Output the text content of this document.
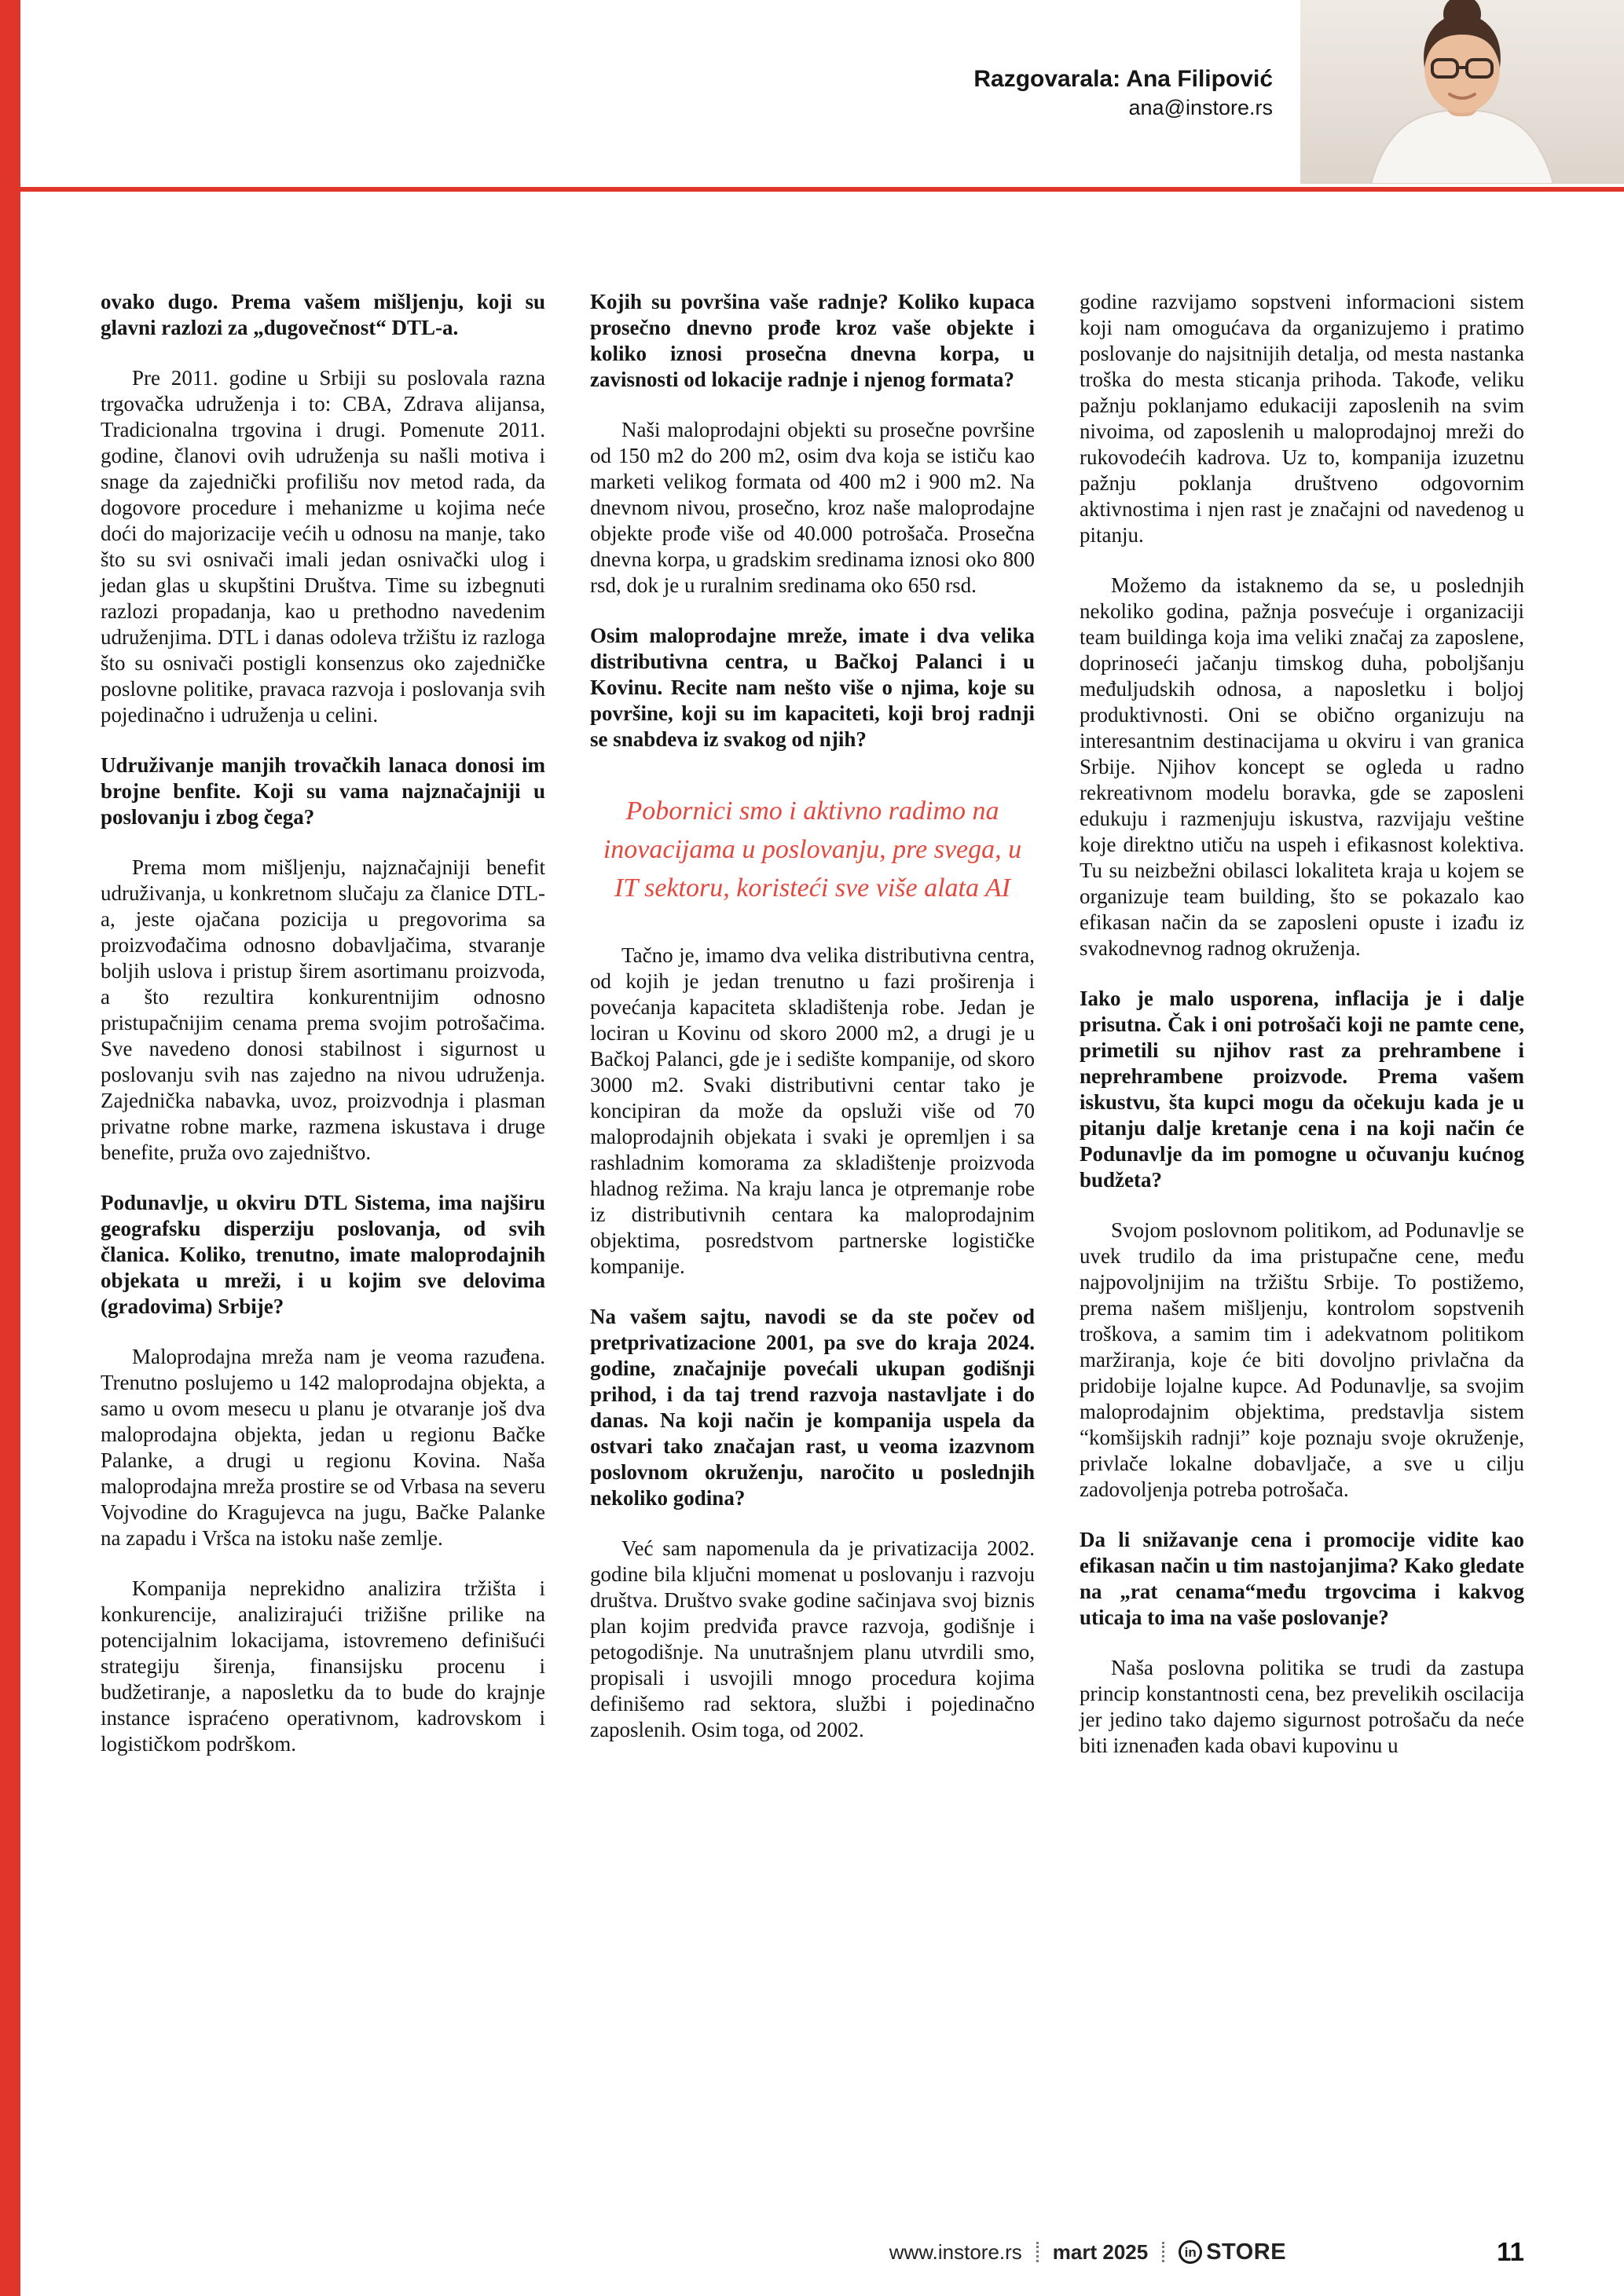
Razgovarala: Ana Filipović
ana@instore.rs
ovako dugo. Prema vašem mišljenju, koji su glavni razlozi za „dugovečnost“ DTL-a.
Pre 2011. godine u Srbiji su poslovala razna trgovačka udruženja i to: CBA, Zdrava alijansa, Tradicionalna trgovina i drugi. Pomenute 2011. godine, članovi ovih udruženja su našli motiva i snage da zajednički profilišu nov metod rada, da dogovore procedure i mehanizme u kojima neće doći do majorizacije većih u odnosu na manje, tako što su svi osnivači imali jedan osnivački ulog i jedan glas u skupštini Društva. Time su izbegnuti razlozi propadanja, kao u prethodno navedenim udruženjima. DTL i danas odoleva tržištu iz razloga što su osnivači postigli konsenzus oko zajedničke poslovne politike, pravaca razvoja i poslovanja svih pojedinačno i udruženja u celini.
Udruživanje manjih trovačkih lanaca donosi im brojne benfite. Koji su vama najznačajniji u poslovanju i zbog čega?
Prema mom mišljenju, najznačajniji benefit udruživanja, u konkretnom slučaju za članice DTL-a, jeste ojačana pozicija u pregovorima sa proizvođačima odnosno dobavljačima, stvaranje boljih uslova i pristup širem asortimanu proizvoda, a što rezultira konkurentnijim odnosno pristupačnijim cenama prema svojim potrošačima. Sve navedeno donosi stabilnost i sigurnost u poslovanju svih nas zajedno na nivou udruženja. Zajednička nabavka, uvoz, proizvodnja i plasman privatne robne marke, razmena iskustava i druge benefite, pruža ovo zajedništvo.
Podunavlje, u okviru DTL Sistema, ima najširu geografsku disperziju poslovanja, od svih članica. Koliko, trenutno, imate maloprodajnih objekata u mreži, i u kojim sve delovima (gradovima) Srbije?
Maloprodajna mreža nam je veoma razuđena. Trenutno poslujemo u 142 maloprodajna objekta, a samo u ovom mesecu u planu je otvaranje još dva maloprodajna objekta, jedan u regionu Bačke Palanke, a drugi u regionu Kovina. Naša maloprodajna mreža prostire se od Vrbasa na severu Vojvodine do Kragujevca na jugu, Bačke Palanke na zapadu i Vršca na istoku naše zemlje.
Kompanija neprekidno analizira tržišta i konkurencije, analizirajući trižišne prilike na potencijalnim lokacijama, istovremeno definišući strategiju širenja, finansijsku procenu i budžetiranje, a naposletku da to bude do krajnje instance ispraćeno operativnom, kadrovskom i logističkom podrškom.
Kojih su površina vaše radnje? Koliko kupaca prosečno dnevno prođe kroz vaše objekte i koliko iznosi prosečna dnevna korpa, u zavisnosti od lokacije radnje i njenog formata?
Naši maloprodajni objekti su prosečne površine od 150 m2 do 200 m2, osim dva koja se ističu kao marketi velikog formata od 400 m2 i 900 m2. Na dnevnom nivou, prosečno, kroz naše maloprodajne objekte prođe više od 40.000 potrošača. Prosečna dnevna korpa, u gradskim sredinama iznosi oko 800 rsd, dok je u ruralnim sredinama oko 650 rsd.
Osim maloprodajne mreže, imate i dva velika distributivna centra, u Bačkoj Palanci i u Kovinu. Recite nam nešto više o njima, koje su površine, koji su im kapaciteti, koji broj radnji se snabdeva iz svakog od njih?
Pobornici smo i aktivno radimo na inovacijama u poslovanju, pre svega, u IT sektoru, koristeći sve više alata AI
Tačno je, imamo dva velika distributivna centra, od kojih je jedan trenutno u fazi proširenja i povećanja kapaciteta skladištenja robe. Jedan je lociran u Kovinu od skoro 2000 m2, a drugi je u Bačkoj Palanci, gde je i sedište kompanije, od skoro 3000 m2. Svaki distributivni centar tako je koncipiran da može da opsluži više od 70 maloprodajnih objekata i svaki je opremljen i sa rashladnim komorama za skladištenje proizvoda hladnog režima. Na kraju lanca je otpremanje robe iz distributivnih centara ka maloprodajnim objektima, posredstvom partnerske logističke kompanije.
Na vašem sajtu, navodi se da ste počev od pretprivatizacione 2001, pa sve do kraja 2024. godine, značajnije povećali ukupan godišnji prihod, i da taj trend razvoja nastavljate i do danas. Na koji način je kompanija uspela da ostvari tako značajan rast, u veoma izazvnom poslovnom okruženju, naročito u poslednjih nekoliko godina?
Već sam napomenula da je privatizacija 2002. godine bila ključni momenat u poslovanju i razvoju društva. Društvo svake godine sačinjava svoj biznis plan kojim predviđa pravce razvoja, godišnje i petogodišnje. Na unutrašnjem planu utvrdili smo, propisali i usvojili mnogo procedura kojima definišemo rad sektora, službi i pojedinačno zaposlenih. Osim toga, od 2002.
godine razvijamo sopstveni informacioni sistem koji nam omogućava da organizujemo i pratimo poslovanje do najsitnijih detalja, od mesta nastanka troška do mesta sticanja prihoda. Takođe, veliku pažnju poklanjamo edukaciji zaposlenih na svim nivoima, od zaposlenih u maloprodajnoj mreži do rukovodećih kadrova. Uz to, kompanija izuzetnu pažnju poklanja društveno odgovornim aktivnostima i njen rast je značajni od navedenog u pitanju.
Možemo da istaknemo da se, u poslednjih nekoliko godina, pažnja posvećuje i organizaciji team buildinga koja ima veliki značaj za zaposlene, doprinoseći jačanju timskog duha, poboljšanju međuljudskih odnosa, a naposletku i boljoj produktivnosti. Oni se obično organizuju na interesantnim destinacijama u okviru i van granica Srbije. Njihov koncept se ogleda u radno rekreativnom modelu boravka, gde se zaposleni edukuju i razmenjuju iskustva, razvijaju veštine koje direktno utiču na uspeh i efikasnost kolektiva. Tu su neizbežni obilasci lokaliteta kraja u kojem se organizuje team building, što se pokazalo kao efikasan način da se zaposleni opuste i izađu iz svakodnevnog radnog okruženja.
Iako je malo usporena, inflacija je i dalje prisutna. Čak i oni potrošači koji ne pamte cene, primetili su njihov rast za prehrambene i neprehrambene proizvode. Prema vašem iskustvu, šta kupci mogu da očekuju kada je u pitanju dalje kretanje cena i na koji način će Podunavlje da im pomogne u očuvanju kućnog budžeta?
Svojom poslovnom politikom, ad Podunavlje se uvek trudilo da ima pristupačne cene, među najpovoljnijim na tržištu Srbije. To postižemo, prema našem mišljenju, kontrolom sopstvenih troškova, a samim tim i adekvatnom politikom maržiranja, koje će biti dovoljno privlačna da pridobije lojalne kupce. Ad Podunavlje, sa svojim maloprodajnim objektima, predstavlja sistem “komšijskih radnji” koje poznaju svoje okruženje, privlače lokalne dobavljače, a sve u cilju zadovoljenja potreba potrošača.
Da li snižavanje cena i promocije vidite kao efikasan način u tim nastojanjima? Kako gledate na „rat cenama“među trgovcima i kakvog uticaja to ima na vaše poslovanje?
Naša poslovna politika se trudi da zastupa princip konstantnosti cena, bez prevelikih oscilacija jer jedino tako dajemo sigurnost potrošaču da neće biti iznenađen kada obavi kupovinu u
www.instore.rs mart 2025	in STORE	11
